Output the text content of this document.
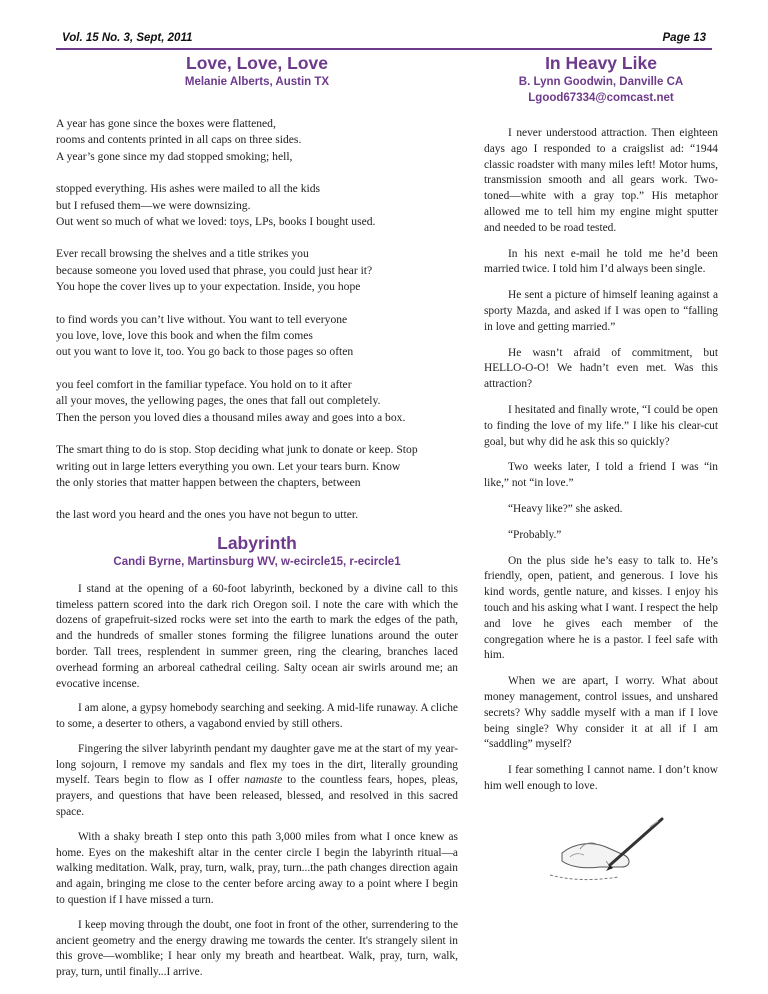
Vol. 15 No. 3, Sept, 2011	Page 13
Love, Love, Love

Melanie Alberts, Austin TX

A year has gone since the boxes were flattened,
rooms and contents printed in all caps on three sides.
A year’s gone since my dad stopped smoking; hell,
stopped everything. His ashes were mailed to all the kids
but I refused them—we were downsizing.
Out went so much of what we loved: toys, LPs, books I bought used.
Ever recall browsing the shelves and a title strikes you
because someone you loved used that phrase, you could just hear it?
You hope the cover lives up to your expectation. Inside, you hope
to find words you can’t live without. You want to tell everyone
you love, love, love this book and when the film comes
out you want to love it, too. You go back to those pages so often
you feel comfort in the familiar typeface. You hold on to it after
all your moves, the yellowing pages, the ones that fall out completely.
Then the person you loved dies a thousand miles away and goes into a box.
The smart thing to do is stop. Stop deciding what junk to donate or keep. Stop
writing out in large letters everything you own. Let your tears burn. Know
the only stories that matter happen between the chapters, between
the last word you heard and the ones you have not begun to utter.
Labyrinth

Candi Byrne, Martinsburg WV, w-ecircle15, r-ecircle1

I stand at the opening of a 60-foot labyrinth, beckoned by a divine call to this timeless pattern scored into the dark rich Oregon soil. I note the care with which the dozens of grapefruit-sized rocks were set into the earth to mark the edges of the path, and the hundreds of smaller stones forming the filigree lunations around the outer border. Tall trees, resplendent in summer green, ring the clearing, branches laced overhead forming an arboreal cathedral ceiling. Salty ocean air swirls around me; an evocative incense.

I am alone, a gypsy homebody searching and seeking. A mid-life runaway. A cliche to some, a deserter to others, a vagabond envied by still others.

Fingering the silver labyrinth pendant my daughter gave me at the start of my year-long sojourn, I remove my sandals and flex my toes in the dirt, literally grounding myself. Tears begin to flow as I offer namaste to the countless fears, hopes, pleas, prayers, and questions that have been released, blessed, and resolved in this sacred space.

With a shaky breath I step onto this path 3,000 miles from what I once knew as home. Eyes on the makeshift altar in the center circle I begin the labyrinth ritual—a walking meditation. Walk, pray, turn, walk, pray, turn...the path changes direction again and again, bringing me close to the center before arcing away to a point where I begin to question if I have missed a turn.

I keep moving through the doubt, one foot in front of the other, surrendering to the ancient geometry and the energy drawing me towards the center. It's strangely silent in this grove—womblike; I hear only my breath and heartbeat. Walk, pray, turn, walk, pray, turn, until finally...I arrive.

In Heavy Like

B. Lynn Goodwin, Danville CA

Lgood67334@comcast.net

I never understood attraction. Then eighteen days ago I responded to a craigslist ad: “1944 classic roadster with many miles left! Motor hums, transmission smooth and all gears work. Two-toned—white with a gray top.” His metaphor allowed me to tell him my engine might sputter and needed to be road tested.

In his next e-mail he told me he’d been married twice. I told him I’d always been single.

He sent a picture of himself leaning against a sporty Mazda, and asked if I was open to “falling in love and getting married.”

He wasn’t afraid of commitment, but HELLO-O-O! We hadn’t even met. Was this attraction?

I hesitated and finally wrote, “I could be open to finding the love of my life.” I like his clear-cut goal, but why did he ask this so quickly?

Two weeks later, I told a friend I was “in like,” not “in love.”

“Heavy like?” she asked.

“Probably.”

On the plus side he’s easy to talk to. He’s friendly, open, patient, and generous. I love his kind words, gentle nature, and kisses. I enjoy his touch and his asking what I want. I respect the help and love he gives each member of the congregation where he is a pastor. I feel safe with him.

When we are apart, I worry. What about money management, control issues, and unshared secrets? Why saddle myself with a man if I love being single? Why consider it at all if I am “saddling” myself?

I fear something I cannot name. I don’t know him well enough to love.
